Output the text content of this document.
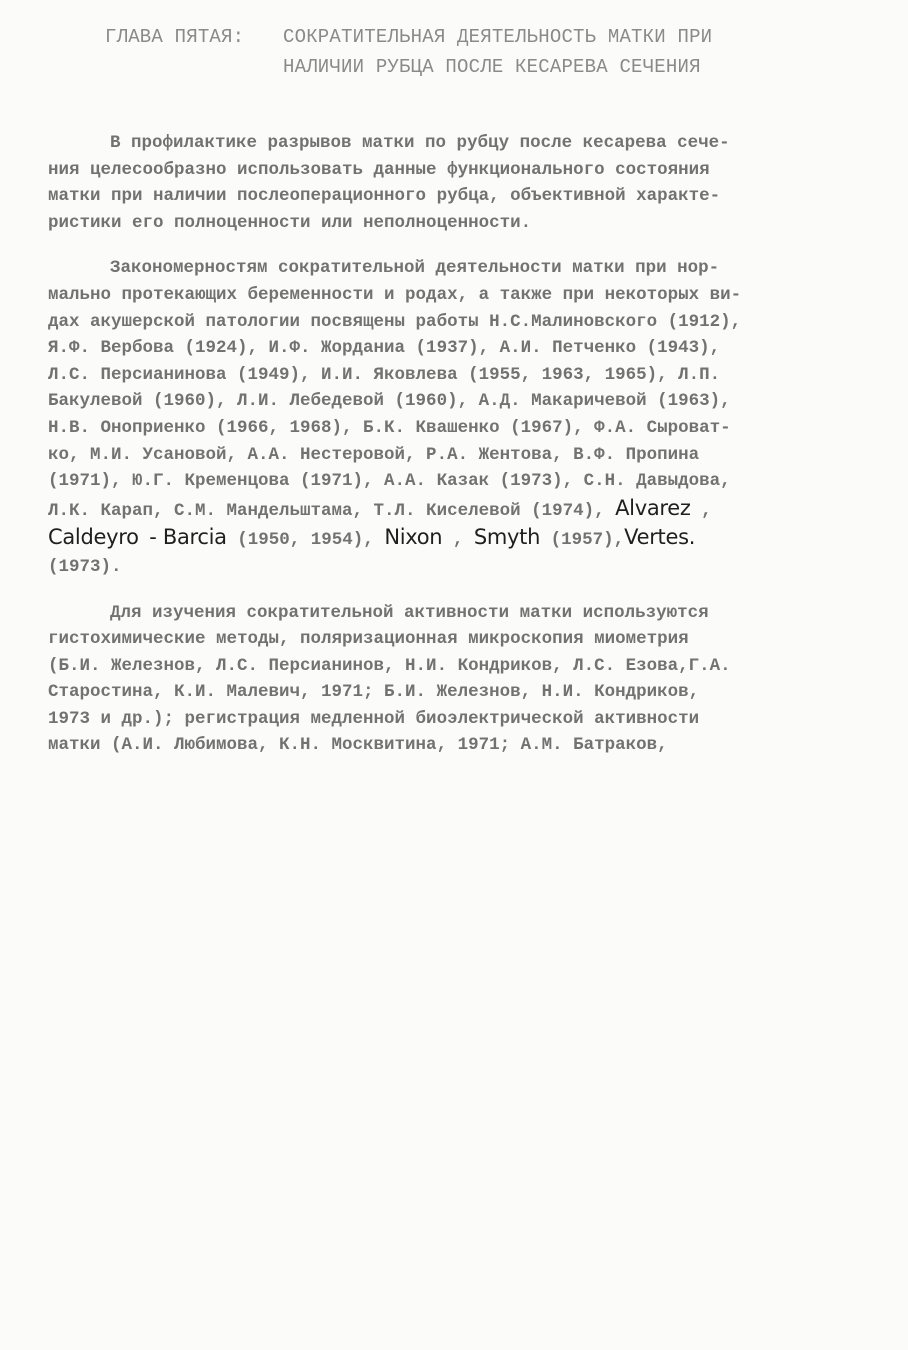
ГЛАВА ПЯТАЯ: СОКРАТИТЕЛЬНАЯ ДЕЯТЕЛЬНОСТЬ МАТКИ ПРИ
НАЛИЧИИ РУБЦА ПОСЛЕ КЕСАРЕВА СЕЧЕНИЯ
В профилактике разрывов матки по рубцу после кесарева сече-
ния целесообразно использовать данные функционального состояния
матки при наличии послеоперационного рубца, объективной характе-
ристики его полноценности или неполноценности.
Закономерностям сократительной деятельности матки при нор-
мально протекающих беременности и родах, а также при некоторых ви-
дах акушерской патологии посвящены работы Н.С.Малиновского (1912),
Я.Ф. Вербова (1924), И.Ф. Жорданиа (1937), А.И. Петченко (1943),
Л.С. Персианинова (1949), И.И. Яковлева (1955, 1963, 1965), Л.П.
Бакулевой (1960), Л.И. Лебедевой (1960), А.Д. Макаричевой (1963),
Н.В. Оноприенко (1966, 1968), Б.К. Квашенко (1967), Ф.А. Сыроват-
ко, М.И. Усановой, А.А. Нестеровой, Р.А. Жентова, В.Ф. Пропина
(1971), Ю.Г. Кременцова (1971), А.А. Казак (1973), С.Н. Давыдова,
Л.К. Карап, С.М. Мандельштама, Т.Л. Киселевой (1974), Alvarez ,
Caldeyro - Barcia (1950, 1954), Nixon , Smyth (1957),Vertes.
(1973).
Для изучения сократительной активности матки используются
гистохимические методы, поляризационная микроскопия миометрия
(Б.И. Железнов, Л.С. Персианинов, Н.И. Кондриков, Л.С. Езова,Г.А.
Старостина, К.И. Малевич, 1971; Б.И. Железнов, Н.И. Кондриков,
1973 и др.); регистрация медленной биоэлектрической активности
матки (А.И. Любимова, К.Н. Москвитина, 1971; А.М. Батраков,
